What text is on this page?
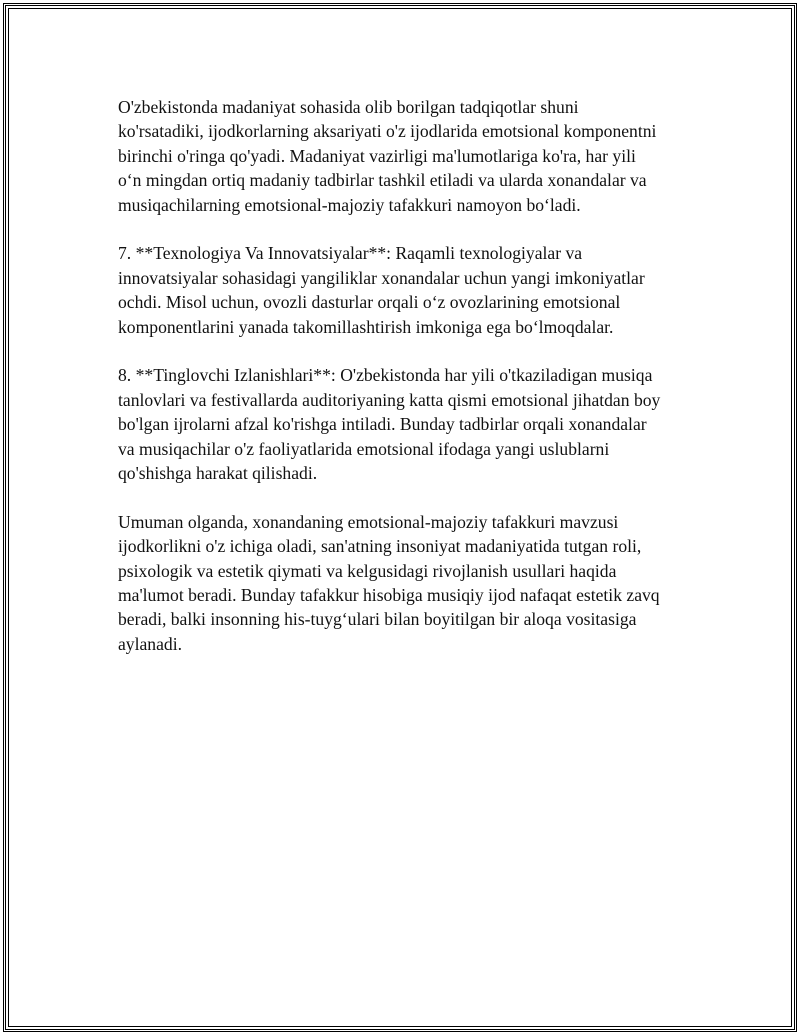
O'zbekistonda madaniyat sohasida olib borilgan tadqiqotlar shuni
ko'rsatadiki, ijodkorlarning aksariyati o'z ijodlarida emotsional komponentni
birinchi o'ringa qo'yadi. Madaniyat vazirligi ma'lumotlariga ko'ra, har yili
o‘n mingdan ortiq madaniy tadbirlar tashkil etiladi va ularda xonandalar va
musiqachilarning emotsional-majoziy tafakkuri namoyon bo‘ladi.

7. **Texnologiya Va Innovatsiyalar**: Raqamli texnologiyalar va
innovatsiyalar sohasidagi yangiliklar xonandalar uchun yangi imkoniyatlar
ochdi. Misol uchun, ovozli dasturlar orqali o‘z ovozlarining emotsional
komponentlarini yanada takomillashtirish imkoniga ega bo‘lmoqdalar.

8. **Tinglovchi Izlanishlari**: O'zbekistonda har yili o'tkaziladigan musiqa
tanlovlari va festivallarda auditoriyaning katta qismi emotsional jihatdan boy
bo'lgan ijrolarni afzal ko'rishga intiladi. Bunday tadbirlar orqali xonandalar
va musiqachilar o'z faoliyatlarida emotsional ifodaga yangi uslublarni
qo'shishga harakat qilishadi.

Umuman olganda, xonandaning emotsional-majoziy tafakkuri mavzusi
ijodkorlikni o'z ichiga oladi, san'atning insoniyat madaniyatida tutgan roli,
psixologik va estetik qiymati va kelgusidagi rivojlanish usullari haqida
ma'lumot beradi. Bunday tafakkur hisobiga musiqiy ijod nafaqat estetik zavq
beradi, balki insonning his-tuyg‘ulari bilan boyitilgan bir aloqa vositasiga
aylanadi.
